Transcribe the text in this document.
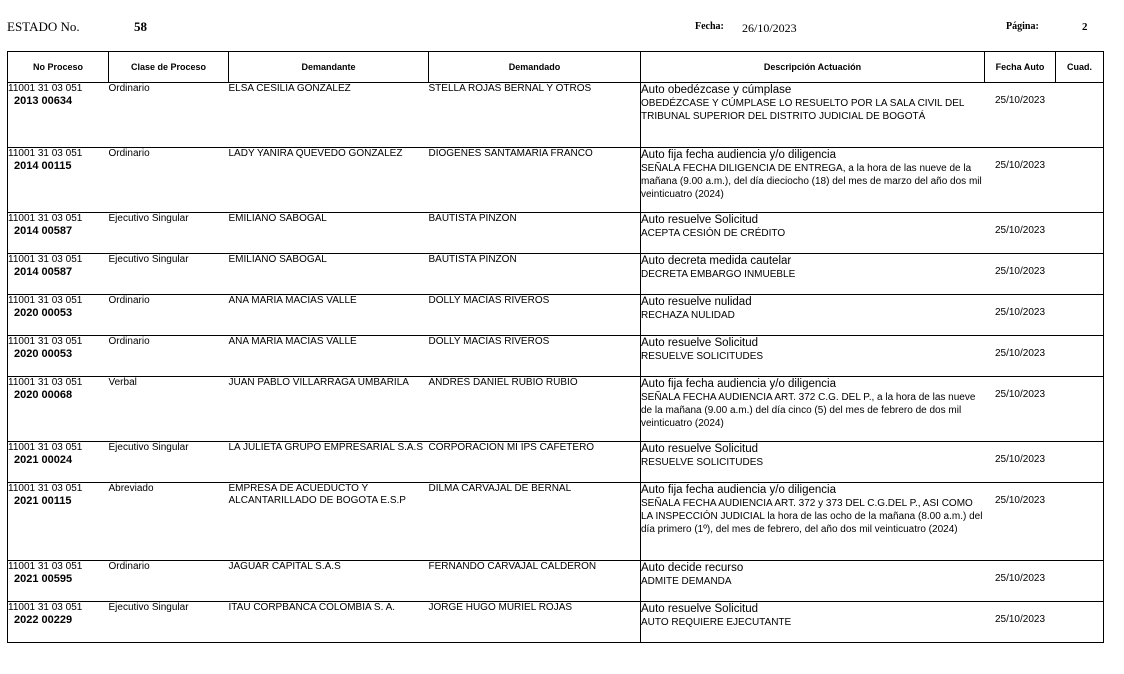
ESTADO No.	58	Fecha: 26/10/2023	Página:	2
No Proceso	Clase de Proceso	Demandante	Demandado	Descripción Actuación	Fecha Auto	Cuad.

11001 31 03 051
2013 00634	Ordinario	ELSA CESILIA GONZALEZ	STELLA ROJAS BERNAL Y OTROS	Auto obedézcase y cúmplase
OBEDÉZCASE Y CÚMPLASE LO RESUELTO POR LA SALA CIVIL DEL TRIBUNAL SUPERIOR DEL DISTRITO JUDICIAL DE BOGOTÁ	25/10/2023	

11001 31 03 051
2014 00115	Ordinario	LADY YANIRA QUEVEDO GONZALEZ	DIOGENES SANTAMARIA FRANCO	Auto fija fecha audiencia y/o diligencia
SEÑALA FECHA DILIGENCIA DE ENTREGA, a la hora de las nueve de la mañana (9.00 a.m.), del día dieciocho (18) del mes de marzo del año dos mil veinticuatro (2024)	25/10/2023	

11001 31 03 051
2014 00587	Ejecutivo Singular	EMILIANO SABOGAL	BAUTISTA PINZON	Auto resuelve Solicitud
ACEPTA CESIÓN DE CRÉDITO	25/10/2023	

11001 31 03 051
2014 00587	Ejecutivo Singular	EMILIANO SABOGAL	BAUTISTA PINZON	Auto decreta medida cautelar
DECRETA EMBARGO INMUEBLE	25/10/2023	

11001 31 03 051
2020 00053	Ordinario	ANA MARIA MACIAS VALLE	DOLLY MACÌAS RIVEROS	Auto resuelve nulidad
RECHAZA NULIDAD	25/10/2023	

11001 31 03 051
2020 00053	Ordinario	ANA MARIA MACIAS VALLE	DOLLY MACÌAS RIVEROS	Auto resuelve Solicitud
RESUELVE SOLICITUDES	25/10/2023	

11001 31 03 051
2020 00068	Verbal	JUAN PABLO VILLARRAGA UMBARILA	ANDRES DANIEL RUBIO RUBIO	Auto fija fecha audiencia y/o diligencia
SEÑALA FECHA AUDIENCIA ART. 372 C.G. DEL P., a la hora de las nueve de la mañana (9.00 a.m.) del día cinco (5) del mes de febrero de dos mil veinticuatro (2024)	25/10/2023	

11001 31 03 051
2021 00024	Ejecutivo Singular	LA JULIETA GRUPO EMPRESARIAL S.A.S	CORPORACION MI IPS CAFETERO	Auto resuelve Solicitud
RESUELVE SOLICITUDES	25/10/2023	

11001 31 03 051
2021 00115	Abreviado	EMPRESA DE ACUEDUCTO Y ALCANTARILLADO DE BOGOTA E.S.P	DILMA CARVAJAL DE BERNAL	Auto fija fecha audiencia y/o diligencia
SEÑALA FECHA AUDIENCIA ART. 372 y 373 DEL C.G.DEL P., ASI COMO LA INSPECCIÓN JUDICIAL la hora de las ocho de la mañana (8.00 a.m.) del día primero (1º), del mes de febrero, del año dos mil veinticuatro (2024)	25/10/2023	

11001 31 03 051
2021 00595	Ordinario	JAGUAR CAPITAL S.A.S	FERNANDO CARVAJAL CALDERON	Auto decide recurso
ADMITE DEMANDA	25/10/2023	

11001 31 03 051
2022 00229	Ejecutivo Singular	ITAU CORPBANCA COLOMBIA S. A.	JORGE HUGO MURIEL ROJAS	Auto resuelve Solicitud
AUTO REQUIERE EJECUTANTE	25/10/2023	
